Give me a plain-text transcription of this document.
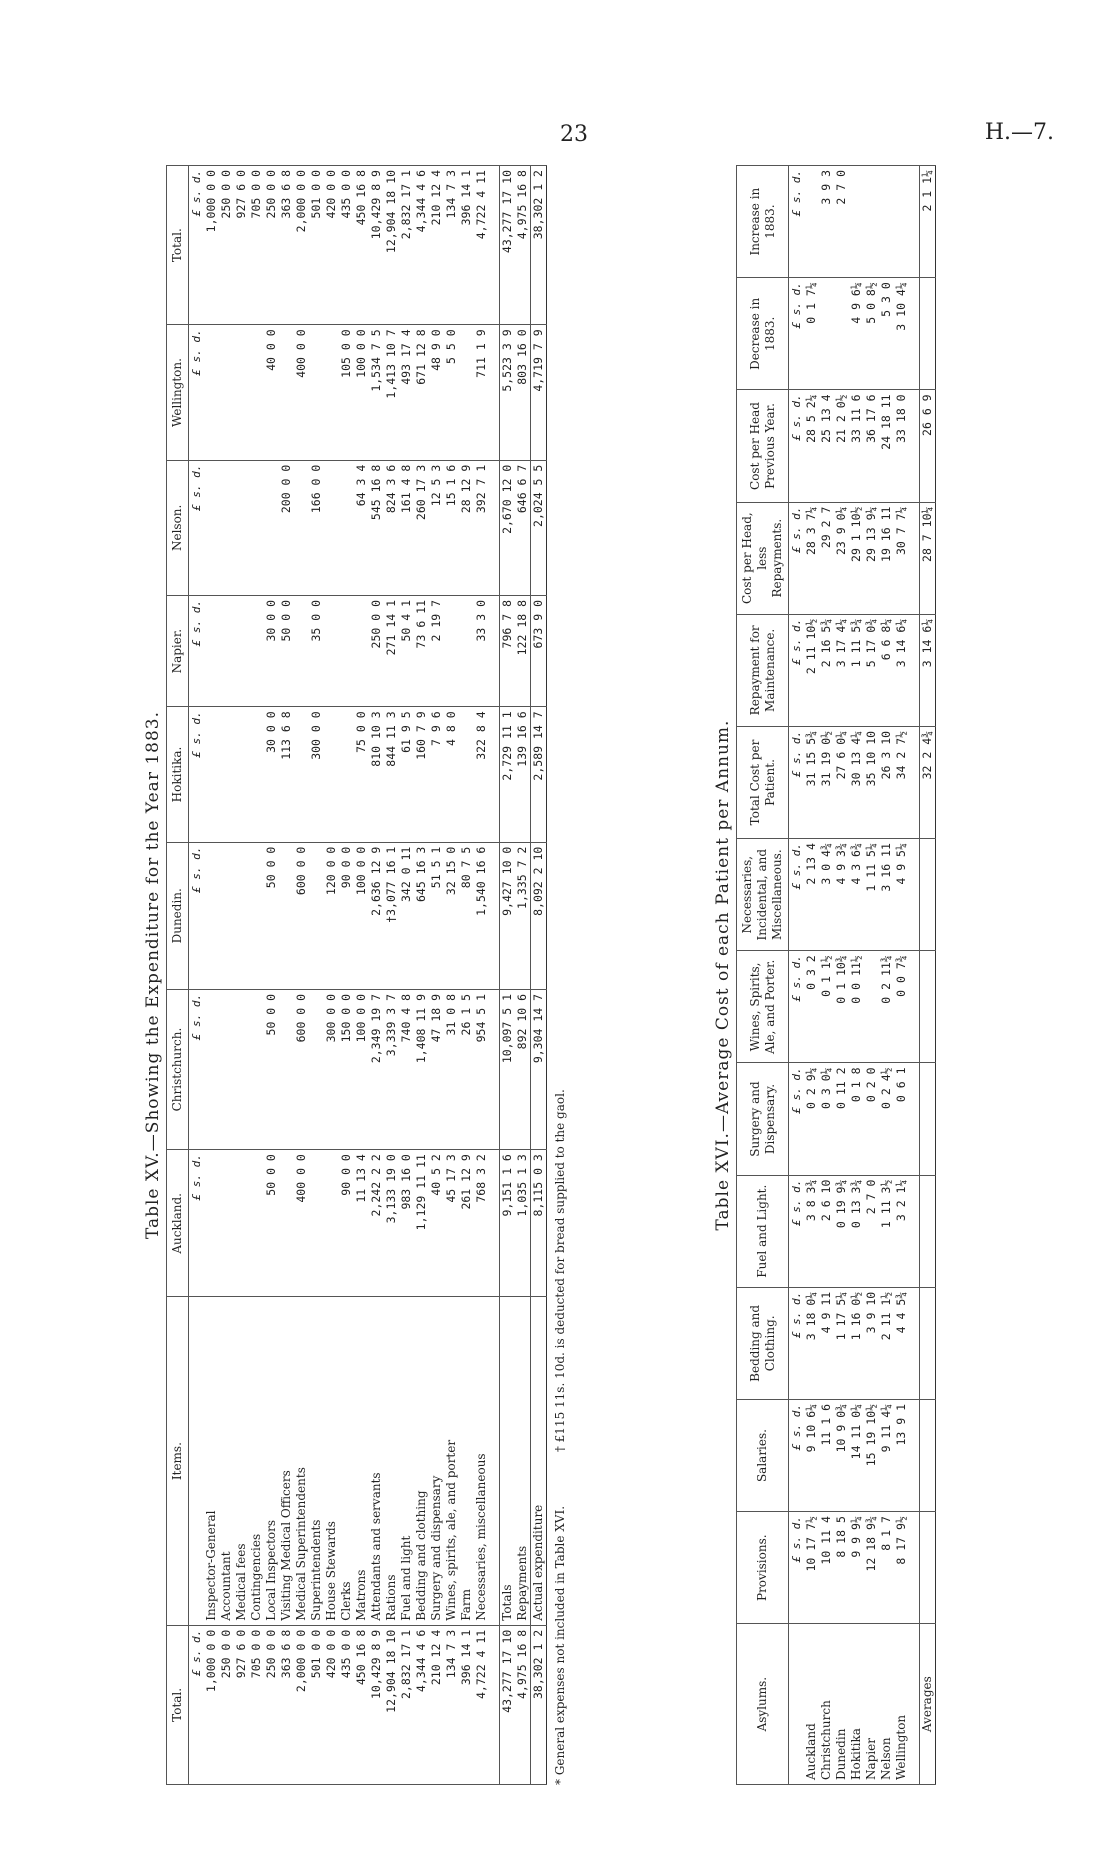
23	H.—7.
Table XV.—Showing the Expenditure for the Year 1883.
Total.	Items.	Auckland.	Christchurch.	Dunedin.	Hokitika.	Napier.	Nelson.	Wellington.	Total.
£ s. d.		£ s. d.	£ s. d.	£ s. d.	£ s. d.	£ s. d.	£ s. d.	£ s. d.	£ s. d.
1,000 0 0	Inspector-General								1,000 0 0
250 0 0	Accountant								250 0 0
927 6 0	Medical fees								927 6 0
705 0 0	Contingencies								705 0 0
250 0 0	Local Inspectors	50 0 0	50 0 0	50 0 0	30 0 0	30 0 0		40 0 0	250 0 0
363 6 8	Visiting Medical Officers				113 6 8	50 0 0	200 0 0		363 6 8
2,000 0 0	Medical Superintendents	400 0 0	600 0 0	600 0 0				400 0 0	2,000 0 0
501 0 0	Superintendents				300 0 0	35 0 0	166 0 0		501 0 0
420 0 0	House Stewards		300 0 0	120 0 0					420 0 0
435 0 0	Clerks	90 0 0	150 0 0	90 0 0				105 0 0	435 0 0
450 16 8	Matrons	11 13 4	100 0 0	100 0 0	75 0 0		64 3 4	100 0 0	450 16 8
10,429 8 9	Attendants and servants	2,242 2 2	2,349 19 7	2,636 12 9	810 10 3	250 0 0	545 16 8	1,534 7 5	10,429 8 9
12,904 18 10	Rations	3,133 19 0	3,339 3 7	†3,077 16 1	844 11 3	271 14 1	824 3 6	1,413 10 7	12,904 18 10
2,832 17 1	Fuel and light	983 16 0	740 4 8	342 0 11	61 9 5	50 4 1	161 4 8	493 17 4	2,832 17 1
4,344 4 6	Bedding and clothing	1,129 11 11	1,408 11 9	645 16 3	160 7 9	73 6 11	260 17 3	671 12 8	4,344 4 6
210 12 4	Surgery and dispensary	40 5 2	47 18 9	51 5 1	7 9 6	2 19 7	12 5 3	48 9 0	210 12 4
134 7 3	Wines, spirits, ale, and porter	45 17 3	31 0 8	32 15 0	4 8 0		15 1 6	5 5 0	134 7 3
396 14 1	Farm	261 12 9	26 1 5	80 7 5			28 12 9		396 14 1
4,722 4 11	Necessaries, miscellaneous	768 3 2	954 5 1	1,540 16 6	322 8 4	33 3 0	392 7 1	711 1 9	4,722 4 11

43,277 17 10	Totals	9,151 1 6	10,097 5 1	9,427 10 0	2,729 11 1	796 7 8	2,670 12 0	5,523 3 9	43,277 17 10
4,975 16 8	Repayments	1,035 1 3	892 10 6	1,335 7 2	139 16 6	122 18 8	646 6 7	803 16 0	4,975 16 8
38,302 1 2	Actual expenditure	8,115 0 3	9,304 14 7	8,092 2 10	2,589 14 7	673 9 0	2,024 5 5	4,719 7 9	38,302 1 2
* General expenses not included in Table XVI. † £115 11s. 10d. is deducted for bread supplied to the gaol.
Table XVI.—Average Cost of each Patient per Annum.
Asylums.	Provisions.	Salaries.	Bedding and Clothing.	Fuel and Light.	Surgery and Dispensary.	Wines, Spirits, Ale, and Porter.	Necessaries, Incidental, and Miscellaneous.	Total Cost per Patient.	Repayment for Maintenance.	Cost per Head, less Repayments.	Cost per Head Previous Year.	Decrease in 1883.	Increase in 1883.
	£ s. d.	£ s. d.	£ s. d.	£ s. d.	£ s. d.	£ s. d.	£ s. d.	£ s. d.	£ s. d.	£ s. d.	£ s. d.	£ s. d.	£ s. d.
Auckland	10 17 7½	9 10 6¼	3 18 0¼	3 8 3¾	0 2 9¼	0 3 2	2 13 4	31 15 5¾	2 11 10½	28 3 7¼	28 5 2¼	0 1 7¼	
Christchurch	10 11 4	11 1 6	4 9 11	2 6 10	0 3 0¼	0 1 1½	3 0 4¾	31 19 0½	2 16 5¾	29 2 7	25 13 4		3 9 3
Dunedin	8 18 5	10 9 0¾	1 17 5¼	0 19 9¾	0 11 2	0 1 10¾	4 9 3¾	27 6 0¼	3 17 4¼	23 9 0¼	21 2 0½		2 7 0
Hokitika	9 9 9¼	14 11 0¼	1 16 0½	0 13 3¾	0 1 8	0 0 11½	4 3 6¾	30 13 4¼	1 11 5¾	29 1 10½	33 11 6	4 9 6¼	
Napier	12 18 9¾	15 19 10½	3 9 10	2 7 0	0 2 0		1 11 5¼	35 10 10	5 17 0¾	29 13 9¼	36 17 6	5 0 8½	
Nelson	8 1 7	9 11 4¼	2 11 1½	1 11 3½	0 2 4½	0 2 11¾	3 16 11	26 3 10	6 6 8¼	19 16 11	24 18 11	5 3 0	
Wellington	8 17 9½	13 9 1	4 4 5¾	3 2 1¼	0 6 1	0 0 7¾	4 9 5¼	34 2 7½	3 14 6¼	30 7 7¼	33 18 0	3 10 4¼	

Averages								32 2 4¾	3 14 6¼	28 7 10¼	26 6 9		2 1 1¼
